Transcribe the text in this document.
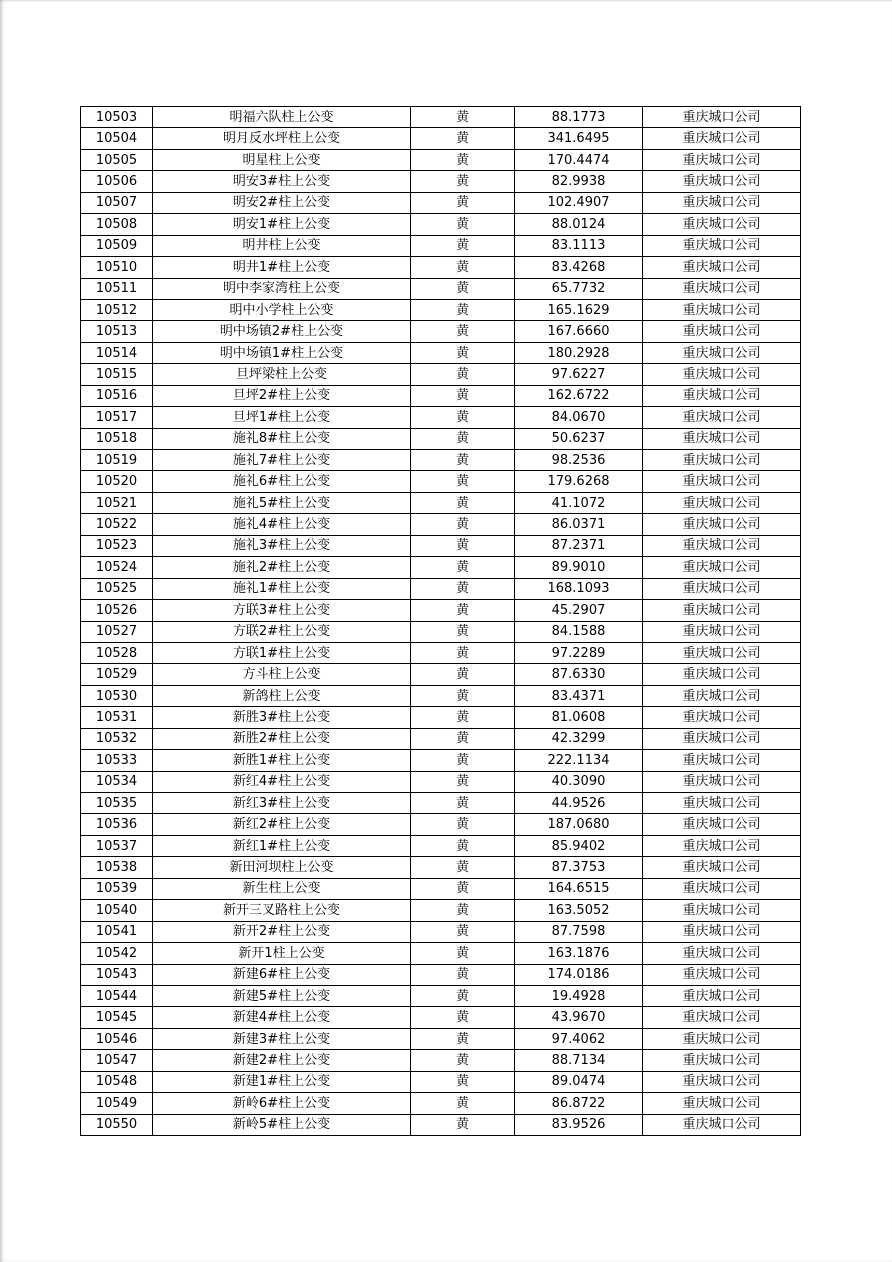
10503	明福六队柱上公变	黄	88.1773	重庆城口公司
10504	明月反水坪柱上公变	黄	341.6495	重庆城口公司
10505	明星柱上公变	黄	170.4474	重庆城口公司
10506	明安3#柱上公变	黄	82.9938	重庆城口公司
10507	明安2#柱上公变	黄	102.4907	重庆城口公司
10508	明安1#柱上公变	黄	88.0124	重庆城口公司
10509	明井柱上公变	黄	83.1113	重庆城口公司
10510	明井1#柱上公变	黄	83.4268	重庆城口公司
10511	明中李家湾柱上公变	黄	65.7732	重庆城口公司
10512	明中小学柱上公变	黄	165.1629	重庆城口公司
10513	明中场镇2#柱上公变	黄	167.6660	重庆城口公司
10514	明中场镇1#柱上公变	黄	180.2928	重庆城口公司
10515	旦坪梁柱上公变	黄	97.6227	重庆城口公司
10516	旦坪2#柱上公变	黄	162.6722	重庆城口公司
10517	旦坪1#柱上公变	黄	84.0670	重庆城口公司
10518	施礼8#柱上公变	黄	50.6237	重庆城口公司
10519	施礼7#柱上公变	黄	98.2536	重庆城口公司
10520	施礼6#柱上公变	黄	179.6268	重庆城口公司
10521	施礼5#柱上公变	黄	41.1072	重庆城口公司
10522	施礼4#柱上公变	黄	86.0371	重庆城口公司
10523	施礼3#柱上公变	黄	87.2371	重庆城口公司
10524	施礼2#柱上公变	黄	89.9010	重庆城口公司
10525	施礼1#柱上公变	黄	168.1093	重庆城口公司
10526	方联3#柱上公变	黄	45.2907	重庆城口公司
10527	方联2#柱上公变	黄	84.1588	重庆城口公司
10528	方联1#柱上公变	黄	97.2289	重庆城口公司
10529	方斗柱上公变	黄	87.6330	重庆城口公司
10530	新鸽柱上公变	黄	83.4371	重庆城口公司
10531	新胜3#柱上公变	黄	81.0608	重庆城口公司
10532	新胜2#柱上公变	黄	42.3299	重庆城口公司
10533	新胜1#柱上公变	黄	222.1134	重庆城口公司
10534	新红4#柱上公变	黄	40.3090	重庆城口公司
10535	新红3#柱上公变	黄	44.9526	重庆城口公司
10536	新红2#柱上公变	黄	187.0680	重庆城口公司
10537	新红1#柱上公变	黄	85.9402	重庆城口公司
10538	新田河坝柱上公变	黄	87.3753	重庆城口公司
10539	新生柱上公变	黄	164.6515	重庆城口公司
10540	新开三叉路柱上公变	黄	163.5052	重庆城口公司
10541	新开2#柱上公变	黄	87.7598	重庆城口公司
10542	新开1柱上公变	黄	163.1876	重庆城口公司
10543	新建6#柱上公变	黄	174.0186	重庆城口公司
10544	新建5#柱上公变	黄	19.4928	重庆城口公司
10545	新建4#柱上公变	黄	43.9670	重庆城口公司
10546	新建3#柱上公变	黄	97.4062	重庆城口公司
10547	新建2#柱上公变	黄	88.7134	重庆城口公司
10548	新建1#柱上公变	黄	89.0474	重庆城口公司
10549	新岭6#柱上公变	黄	86.8722	重庆城口公司
10550	新岭5#柱上公变	黄	83.9526	重庆城口公司
